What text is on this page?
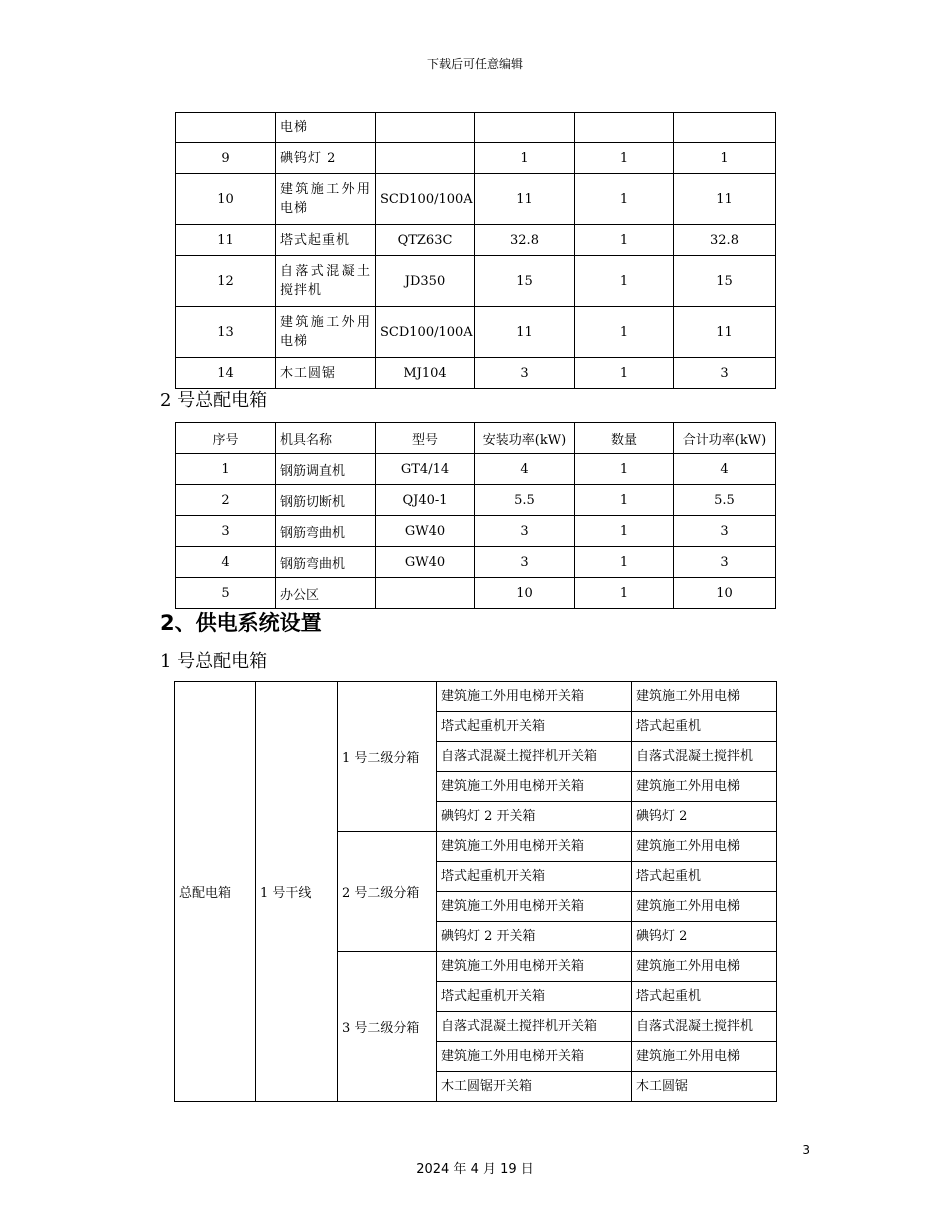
下载后可任意编辑
	电梯				
9	碘钨灯 2		1	1	1
10	建筑施工外用电梯	SCD100/100A	11	1	11
11	塔式起重机	QTZ63C	32.8	1	32.8
12	自落式混凝土搅拌机	JD350	15	1	15
13	建筑施工外用电梯	SCD100/100A	11	1	11
14	木工圆锯	MJ104	3	1	3
2 号总配电箱
序号	机具名称	型号	安装功率(kW)	数量	合计功率(kW)
1	钢筋调直机	GT4/14	4	1	4
2	钢筋切断机	QJ40-1	5.5	1	5.5
3	钢筋弯曲机	GW40	3	1	3
4	钢筋弯曲机	GW40	3	1	3
5	办公区		10	1	10
2、供电系统设置
1 号总配电箱
总配电箱	1 号干线	1 号二级分箱	建筑施工外用电梯开关箱	建筑施工外用电梯
			塔式起重机开关箱	塔式起重机
			自落式混凝土搅拌机开关箱	自落式混凝土搅拌机
			建筑施工外用电梯开关箱	建筑施工外用电梯
			碘钨灯 2 开关箱	碘钨灯 2
		2 号二级分箱	建筑施工外用电梯开关箱	建筑施工外用电梯
			塔式起重机开关箱	塔式起重机
			建筑施工外用电梯开关箱	建筑施工外用电梯
			碘钨灯 2 开关箱	碘钨灯 2
		3 号二级分箱	建筑施工外用电梯开关箱	建筑施工外用电梯
			塔式起重机开关箱	塔式起重机
			自落式混凝土搅拌机开关箱	自落式混凝土搅拌机
			建筑施工外用电梯开关箱	建筑施工外用电梯
			木工圆锯开关箱	木工圆锯
3
2024 年 4 月 19 日
